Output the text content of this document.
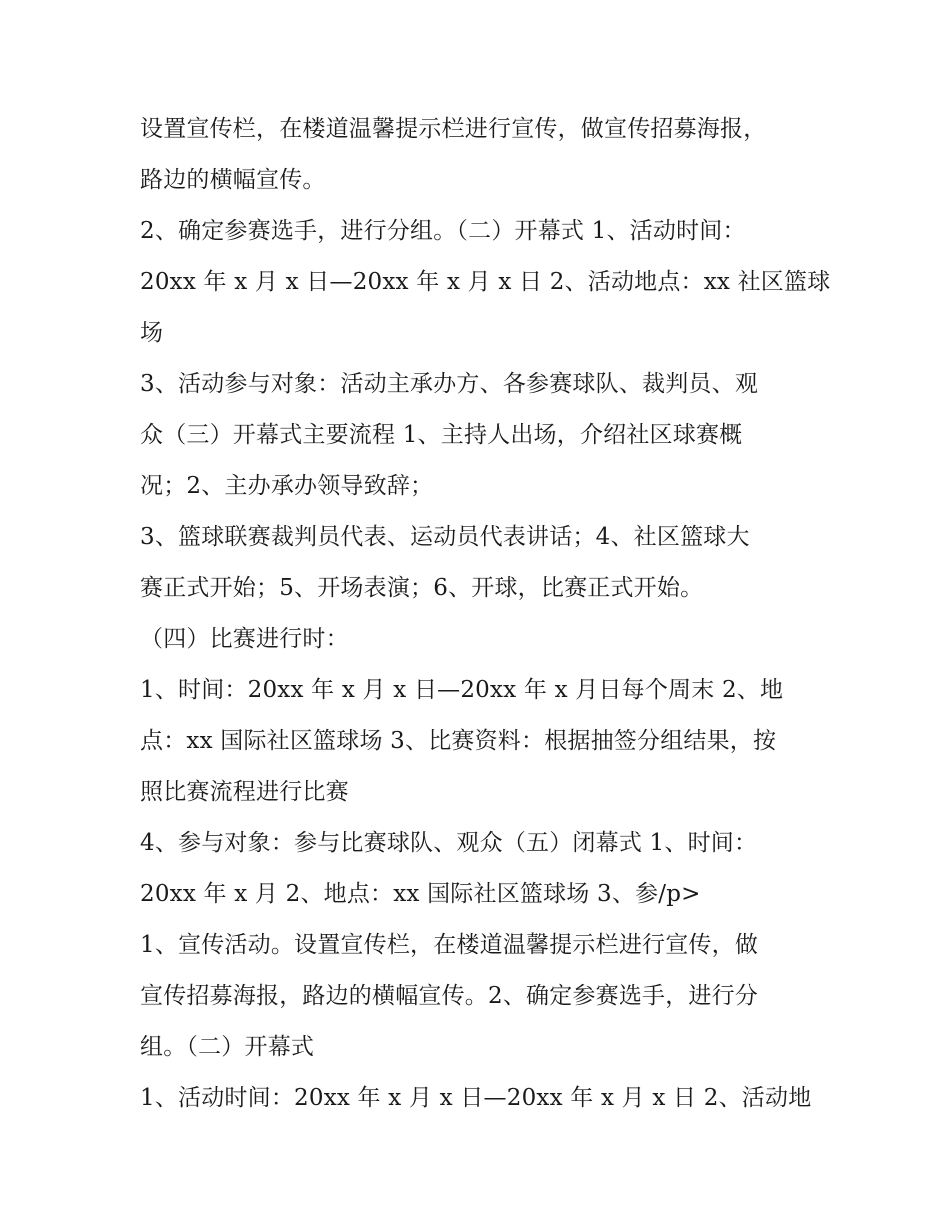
设置宣传栏，在楼道温馨提示栏进行宣传，做宣传招募海报，
路边的横幅宣传。
2、确定参赛选手，进行分组。（二）开幕式 1、活动时间：
20xx 年 x 月 x 日—20xx 年 x 月 x 日 2、活动地点：xx 社区篮球
场
3、活动参与对象：活动主承办方、各参赛球队、裁判员、观
众（三）开幕式主要流程 1、主持人出场，介绍社区球赛概
况；2、主办承办领导致辞；
3、篮球联赛裁判员代表、运动员代表讲话；4、社区篮球大
赛正式开始；5、开场表演；6、开球，比赛正式开始。
（四）比赛进行时：
1、时间：20xx 年 x 月 x 日—20xx 年 x 月日每个周末 2、地
点：xx 国际社区篮球场 3、比赛资料：根据抽签分组结果，按
照比赛流程进行比赛
4、参与对象：参与比赛球队、观众（五）闭幕式 1、时间：
20xx 年 x 月 2、地点：xx 国际社区篮球场 3、参/p>
1、宣传活动。设置宣传栏，在楼道温馨提示栏进行宣传，做
宣传招募海报，路边的横幅宣传。2、确定参赛选手，进行分
组。（二）开幕式
1、活动时间：20xx 年 x 月 x 日—20xx 年 x 月 x 日 2、活动地
